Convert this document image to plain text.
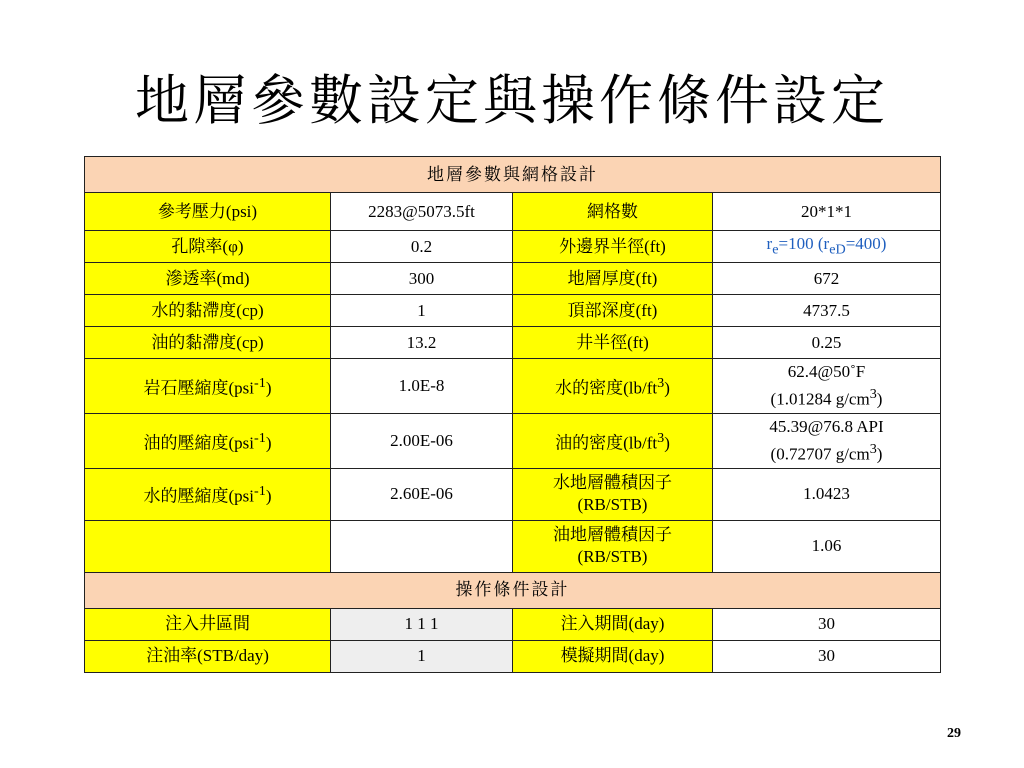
地層參數設定與操作條件設定
地層參數與網格設計			
參考壓力(psi)	2283@5073.5ft	網格數	20*1*1
孔隙率(φ)	0.2	外邊界半徑(ft)	$r_e=100$ $(r_{eD}=400)$
滲透率(md)	300	地層厚度(ft)	672
水的黏滯度(cp)	1	頂部深度(ft)	4737.5
油的黏滯度(cp)	13.2	井半徑(ft)	0.25
岩石壓縮度(psi$^{-1}$)	1.0E-8	水的密度$(lb/ft^3)$	62.4@50˚F
(1.01284 $g/cm^3$)

油的壓縮度(psi$^{-1}$)	2.00E-06	油的密度$(lb/ft^3)$	45.39@76.8 API
(0.72707 $g/cm^3$)

水的壓縮度(psi$^{-1}$)	2.60E-06	水地層體積因子
(RB/STB)	1.0423

		油地層體積因子
(RB/STB)	1.06
操作條件設計			
注入井區間	1 1 1	注入期間(day)	30
注油率(STB/day)	1	模擬期間(day)	30
29
